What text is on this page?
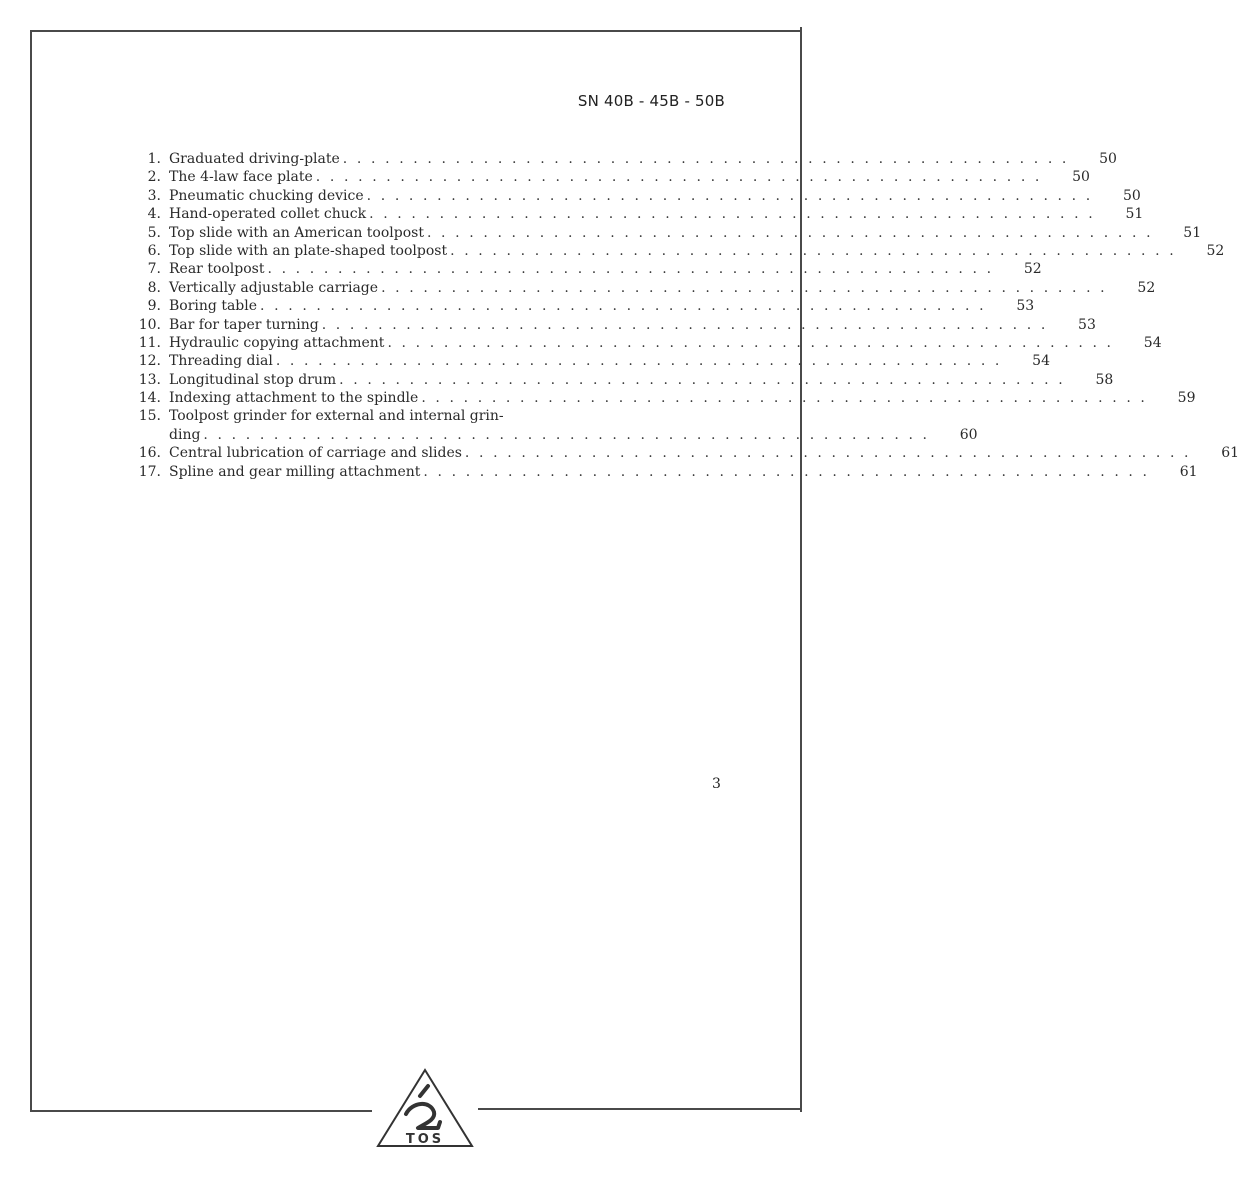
SN 40B - 45B - 50B
1. Graduated driving-plate . . . . . . . . . . . . . . . . . . . . . . . . . . . . . . . . . . . . . . . . . . . . . . . . . . . .	50
2. The 4-law face plate . . . . . . . . . . . . . . . . . . . . . . . . . . . . . . . . . . . . . . . . . . . . . . . . . . . .	50
3. Pneumatic chucking device . . . . . . . . . . . . . . . . . . . . . . . . . . . . . . . . . . . . . . . . . . . . . . . . . . . .	50
4. Hand-operated collet chuck . . . . . . . . . . . . . . . . . . . . . . . . . . . . . . . . . . . . . . . . . . . . . . . . . . . .	51
5. Top slide with an American toolpost . . . . . . . . . . . . . . . . . . . . . . . . . . . . . . . . . . . . . . . . . . . . . . . . . . . .	51
6. Top slide with an plate-shaped toolpost . . . . . . . . . . . . . . . . . . . . . . . . . . . . . . . . . . . . . . . . . . . . . . . . . . . .	52
7. Rear toolpost . . . . . . . . . . . . . . . . . . . . . . . . . . . . . . . . . . . . . . . . . . . . . . . . . . . .	52
8. Vertically adjustable carriage . . . . . . . . . . . . . . . . . . . . . . . . . . . . . . . . . . . . . . . . . . . . . . . . . . . .	52
9. Boring table . . . . . . . . . . . . . . . . . . . . . . . . . . . . . . . . . . . . . . . . . . . . . . . . . . . .	53
10. Bar for taper turning . . . . . . . . . . . . . . . . . . . . . . . . . . . . . . . . . . . . . . . . . . . . . . . . . . . .	53
11. Hydraulic copying attachment . . . . . . . . . . . . . . . . . . . . . . . . . . . . . . . . . . . . . . . . . . . . . . . . . . . .	54
12. Threading dial . . . . . . . . . . . . . . . . . . . . . . . . . . . . . . . . . . . . . . . . . . . . . . . . . . . .	54
13. Longitudinal stop drum . . . . . . . . . . . . . . . . . . . . . . . . . . . . . . . . . . . . . . . . . . . . . . . . . . . .	58
14. Indexing attachment to the spindle . . . . . . . . . . . . . . . . . . . . . . . . . . . . . . . . . . . . . . . . . . . . . . . . . . . .	59
15. Toolpost grinder for external and internal grin-
ding . . . . . . . . . . . . . . . . . . . . . . . . . . . . . . . . . . . . . . . . . . . . . . . . . . . .	60
16. Central lubrication of carriage and slides . . . . . . . . . . . . . . . . . . . . . . . . . . . . . . . . . . . . . . . . . . . . . . . . . . . .	61
17. Spline and gear milling attachment . . . . . . . . . . . . . . . . . . . . . . . . . . . . . . . . . . . . . . . . . . . . . . . . . . . .	61
3
TOS
